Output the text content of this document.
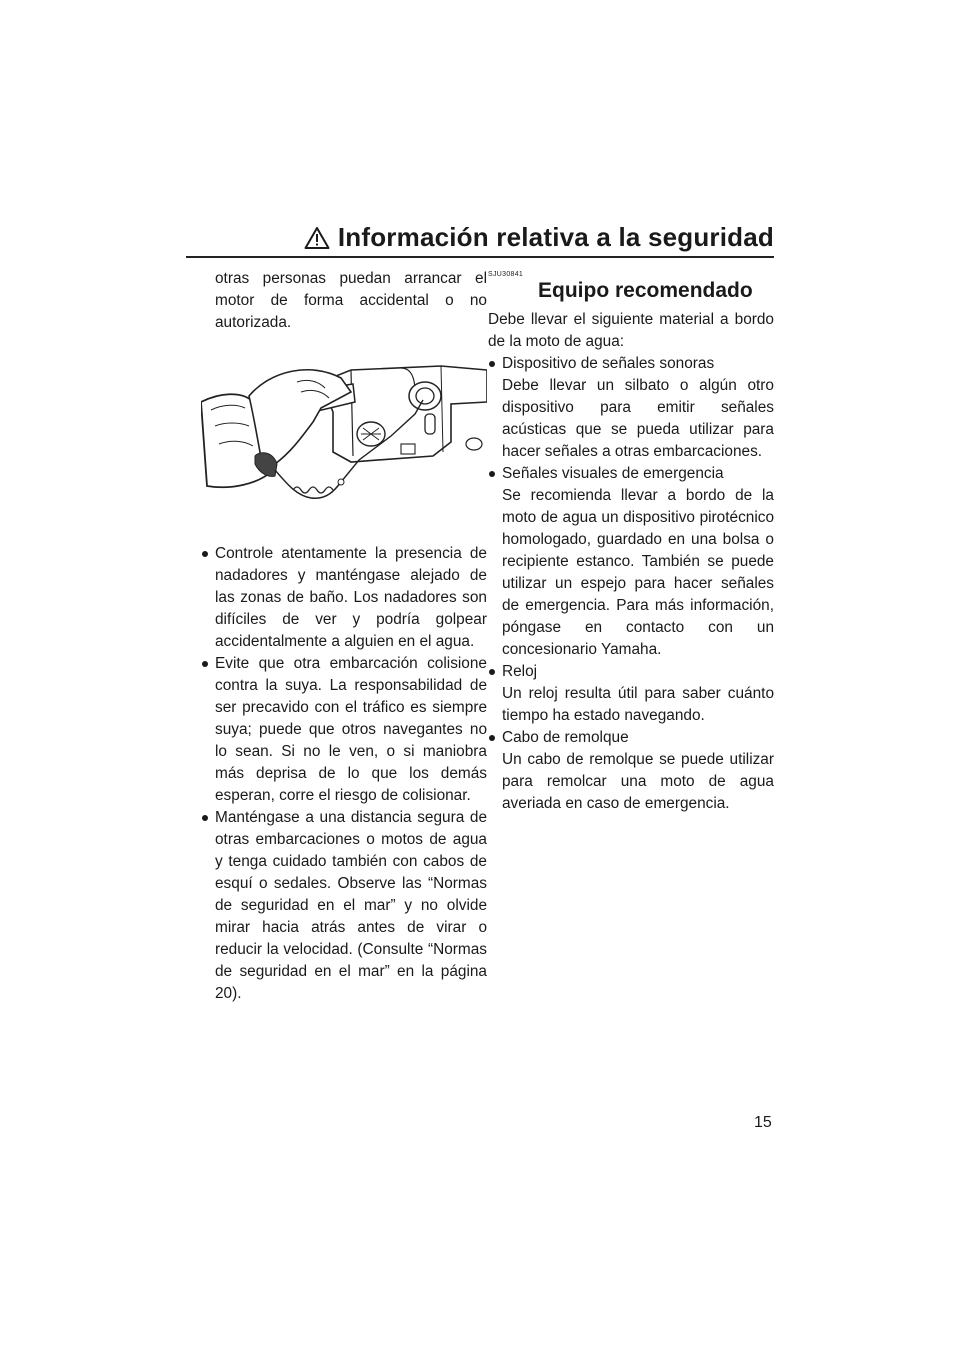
Información relativa a la seguridad

otras personas puedan arrancar el motor de forma accidental o no autorizada.

Controle atentamente la presencia de nadadores y manténgase alejado de las zonas de baño. Los nadadores son difíciles de ver y podría golpear accidentalmente a alguien en el agua.
Evite que otra embarcación colisione contra la suya. La responsabilidad de ser precavido con el tráfico es siempre suya; puede que otros navegantes no lo sean. Si no le ven, o si maniobra más deprisa de lo que los demás esperan, corre el riesgo de colisionar.
Manténgase a una distancia segura de otras embarcaciones o motos de agua y tenga cuidado también con cabos de esquí o sedales. Observe las “Normas de seguridad en el mar” y no olvide mirar hacia atrás antes de virar o reducir la velocidad. (Consulte “Normas de seguridad en el mar” en la página 20).
SJU30841
Equipo recomendado

Debe llevar el siguiente material a bordo de la moto de agua:

Dispositivo de señales sonoras
Debe llevar un silbato o algún otro dispositivo para emitir señales acústicas que se pueda utilizar para hacer señales a otras embarcaciones.
Señales visuales de emergencia
Se recomienda llevar a bordo de la moto de agua un dispositivo pirotécnico homologado, guardado en una bolsa o recipiente estanco. También se puede utilizar un espejo para hacer señales de emergencia. Para más información, póngase en contacto con un concesionario Yamaha.
Reloj
Un reloj resulta útil para saber cuánto tiempo ha estado navegando.
Cabo de remolque
Un cabo de remolque se puede utilizar para remolcar una moto de agua averiada en caso de emergencia.
15
